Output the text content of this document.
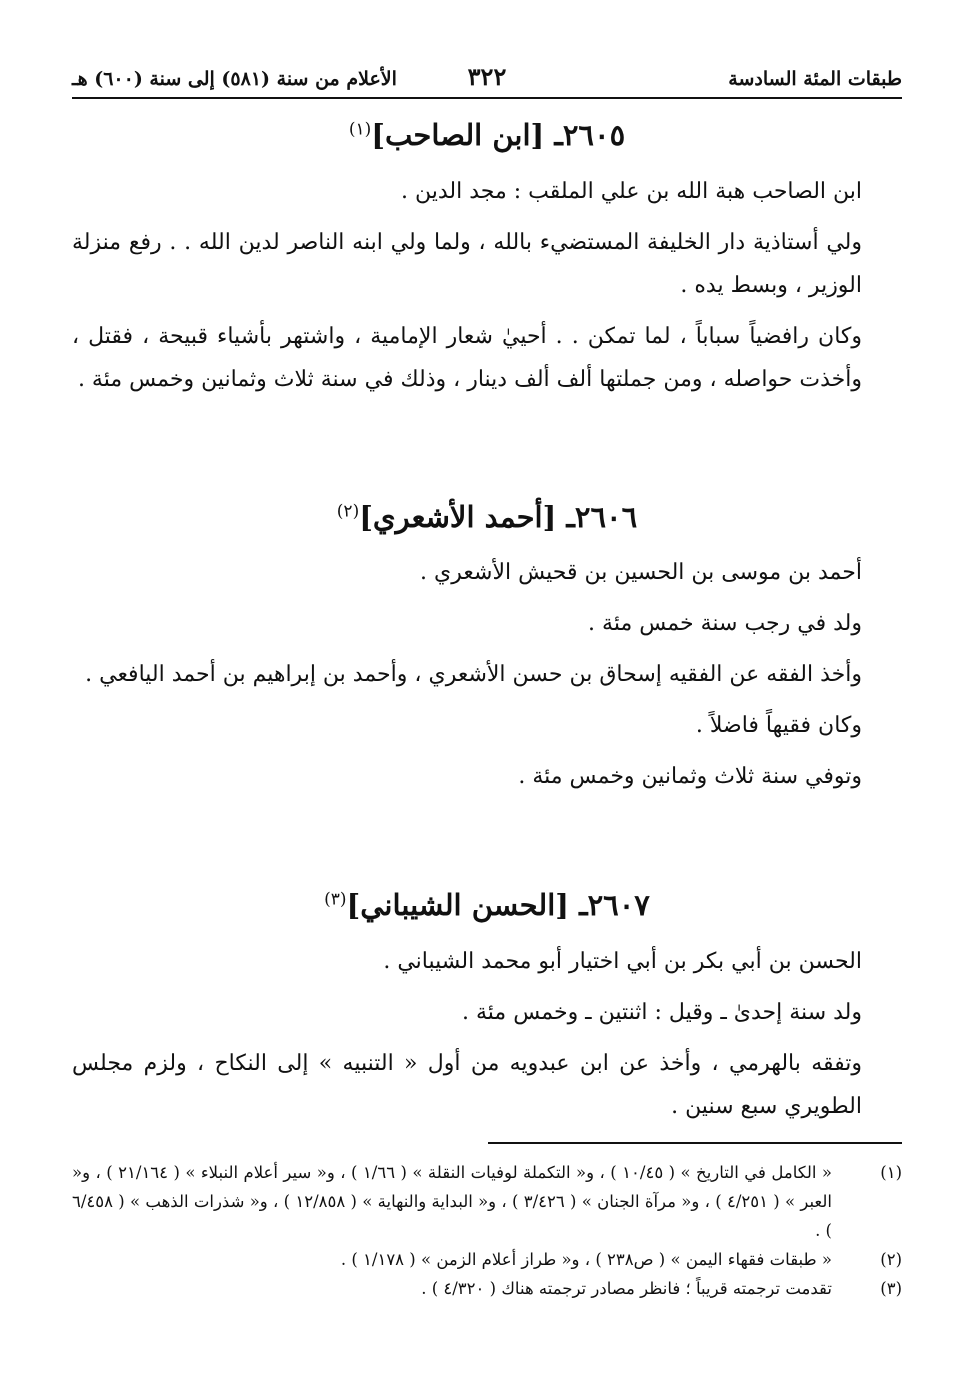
طبقات المئة السادسة
٣٢٢
الأعلام من سنة (٥٨١) إلى سنة (٦٠٠) هـ
٢٦٠٥ـ [ابن الصاحب]$^{(١)}$

ابن الصاحب هبة الله بن علي الملقب : مجد الدين .

ولي أستاذية دار الخليفة المستضيء بالله ، ولما ولي ابنه الناصر لدين الله . . رفع منزلة الوزير ، وبسط يده .

وكان رافضياً سباباً ، لما تمكن . . أحييٰ شعار الإمامية ، واشتهر بأشياء قبيحة ، فقتل ، وأخذت حواصله ، ومن جملتها ألف ألف دينار ، وذلك في سنة ثلاث وثمانين وخمس مئة .

٢٦٠٦ـ [أحمد الأشعري]$^{(٢)}$

أحمد بن موسى بن الحسين بن قحيش الأشعري .

ولد في رجب سنة خمس مئة .

وأخذ الفقه عن الفقيه إسحاق بن حسن الأشعري ، وأحمد بن إبراهيم بن أحمد اليافعي .

وكان فقيهاً فاضلاً .

وتوفي سنة ثلاث وثمانين وخمس مئة .

٢٦٠٧ـ [الحسن الشيباني]$^{(٣)}$

الحسن بن أبي بكر بن أبي اختيار أبو محمد الشيباني .

ولد سنة إحدىٰ ـ وقيل : اثنتين ـ وخمس مئة .

وتفقه بالهرمي ، وأخذ عن ابن عبدويه من أول « التنبيه » إلى النكاح ، ولزم مجلس الطويري سبع سنين .

(١)
« الكامل في التاريخ » ( ١٠/٤٥ ) ، و« التكملة لوفيات النقلة » ( ١/٦٦ ) ، و« سير أعلام النبلاء » ( ٢١/١٦٤ ) ، و« العبر » ( ٤/٢٥١ ) ، و« مرآة الجنان » ( ٣/٤٢٦ ) ، و« البداية والنهاية » ( ١٢/٨٥٨ ) ، و« شذرات الذهب » ( ٦/٤٥٨ ) .
(٢)
« طبقات فقهاء اليمن » ( ص٢٣٨ ) ، و« طراز أعلام الزمن » ( ١/١٧٨ ) .
(٣)
تقدمت ترجمته قريباً ؛ فانظر مصادر ترجمته هناك ( ٤/٣٢٠ ) .
